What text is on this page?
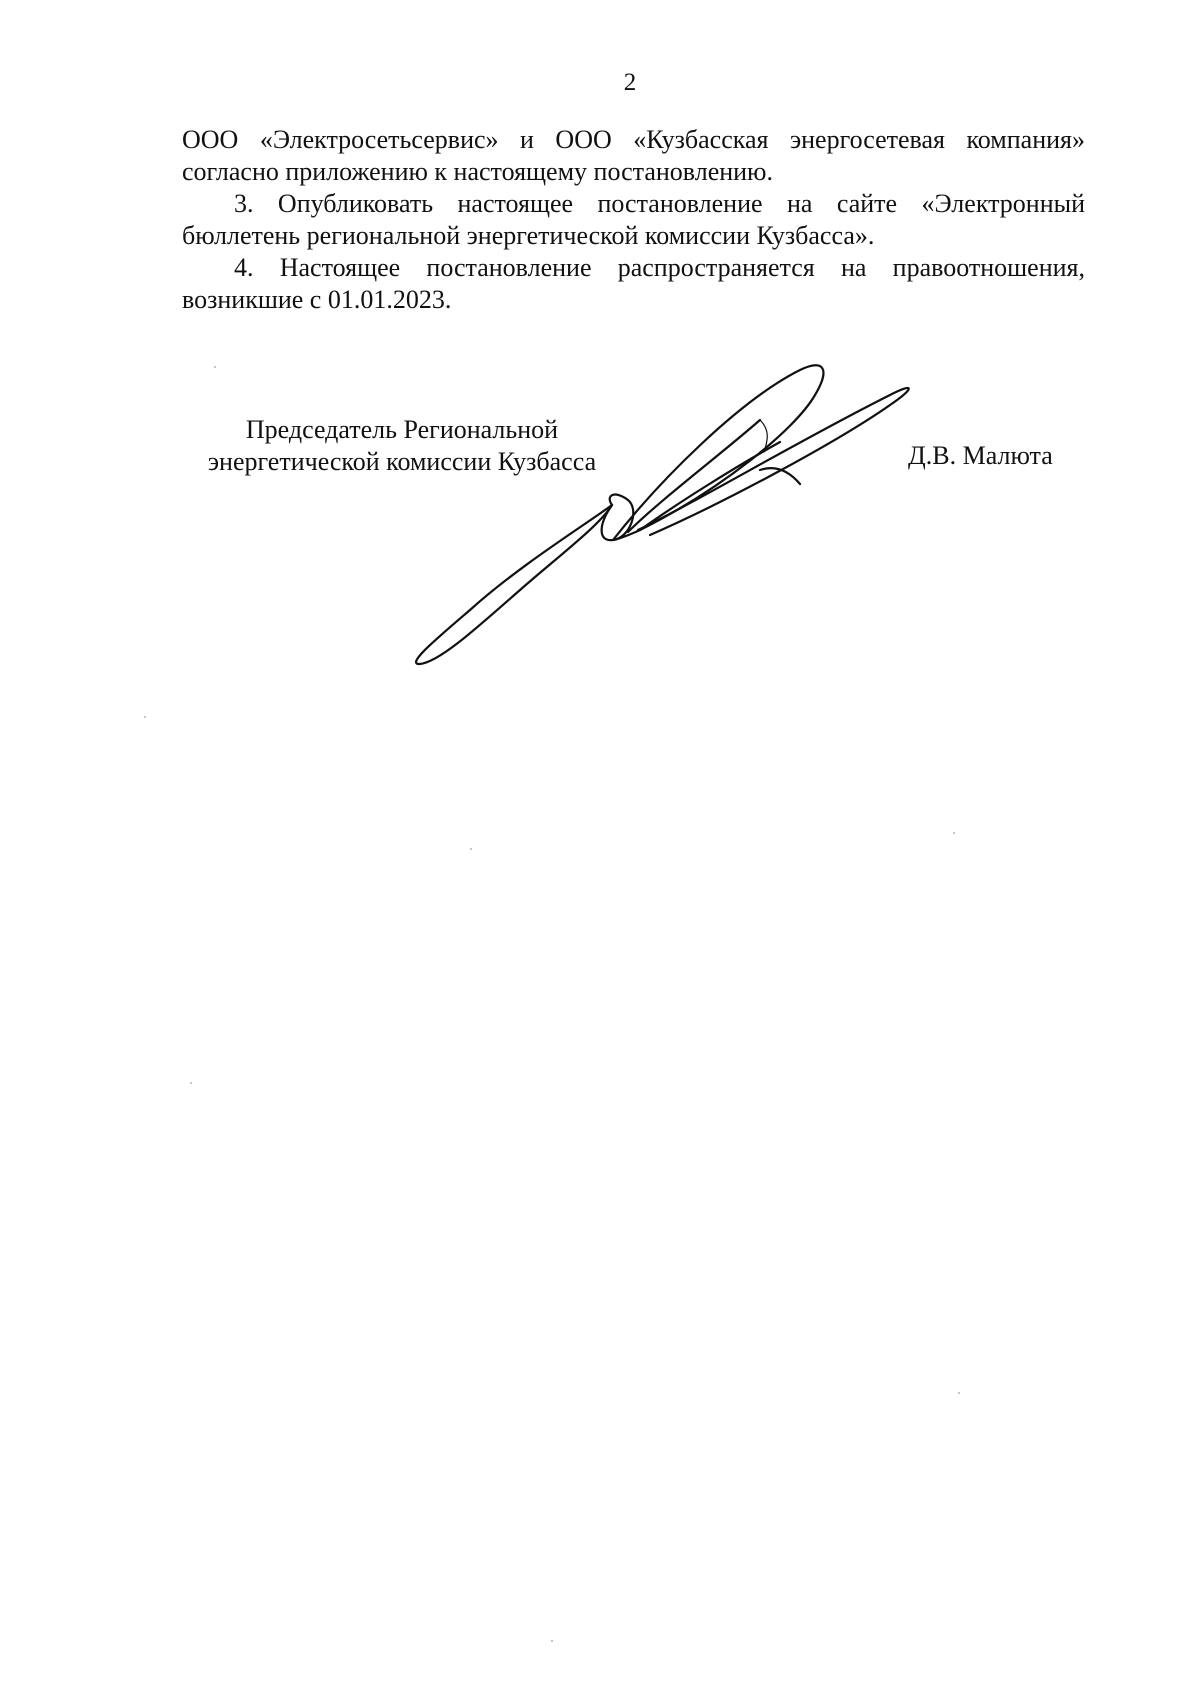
2

ООО «Электросетьсервис» и ООО «Кузбасская энергосетевая компания» согласно приложению к настоящему постановлению.

3. Опубликовать настоящее постановление на сайте «Электронный бюллетень региональной энергетической комиссии Кузбасса».

4. Настоящее постановление распространяется на правоотношения, возникшие с 01.01.2023.

Председатель Региональной
энергетической комиссии Кузбасса	Д.В. Малюта
